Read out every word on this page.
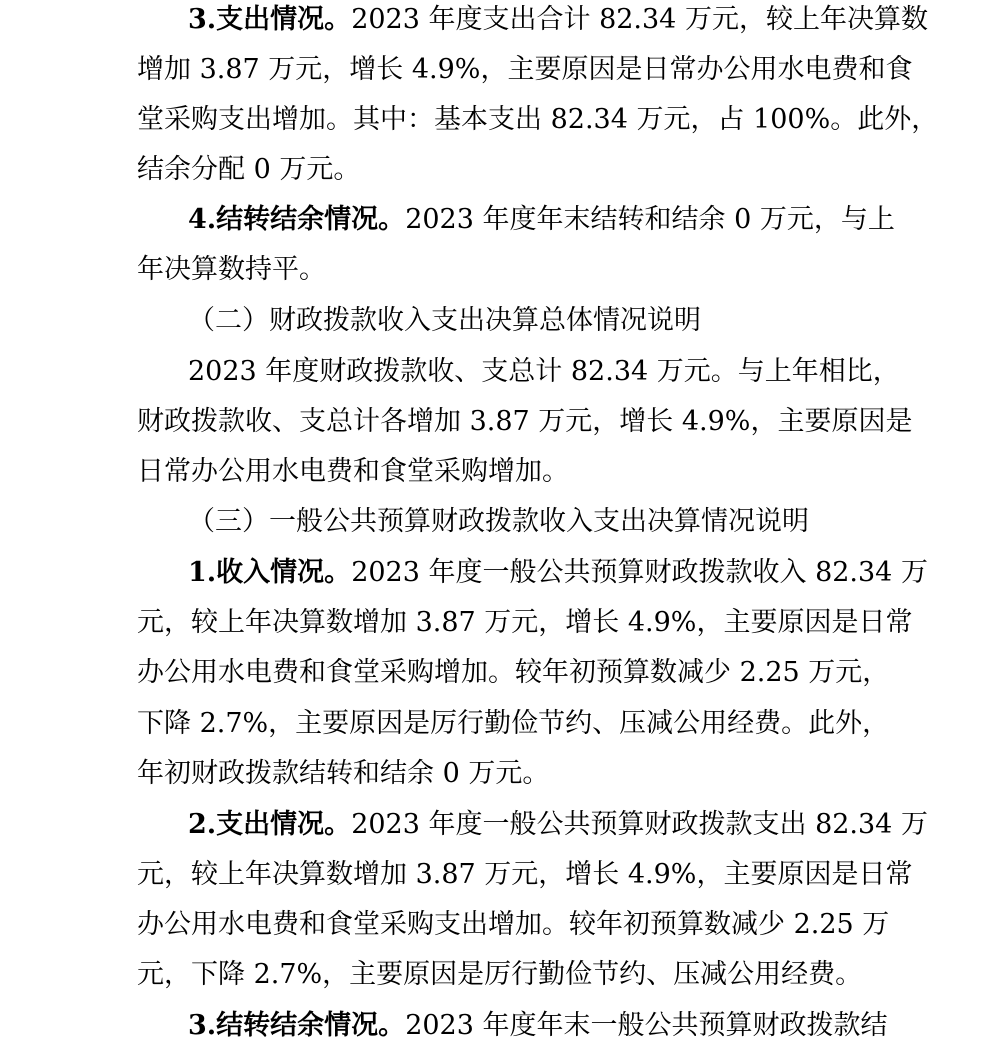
3.支出情况。2023 年度支出合计 82.34 万元，较上年决算数
增加 3.87 万元，增长 4.9%，主要原因是日常办公用水电费和食
堂采购支出增加。其中：基本支出 82.34 万元，占 100%。此外，
结余分配 0 万元。
4.结转结余情况。2023 年度年末结转和结余 0 万元，与上
年决算数持平。
（二）财政拨款收入支出决算总体情况说明
2023 年度财政拨款收、支总计 82.34 万元。与上年相比，
财政拨款收、支总计各增加 3.87 万元，增长 4.9%，主要原因是
日常办公用水电费和食堂采购增加。
（三）一般公共预算财政拨款收入支出决算情况说明
1.收入情况。2023 年度一般公共预算财政拨款收入 82.34 万
元，较上年决算数增加 3.87 万元，增长 4.9%，主要原因是日常
办公用水电费和食堂采购增加。较年初预算数减少 2.25 万元，
下降 2.7%，主要原因是厉行勤俭节约、压减公用经费。此外，
年初财政拨款结转和结余 0 万元。
2.支出情况。2023 年度一般公共预算财政拨款支出 82.34 万
元，较上年决算数增加 3.87 万元，增长 4.9%，主要原因是日常
办公用水电费和食堂采购支出增加。较年初预算数减少 2.25 万
元，下降 2.7%，主要原因是厉行勤俭节约、压减公用经费。
3.结转结余情况。2023 年度年末一般公共预算财政拨款结
